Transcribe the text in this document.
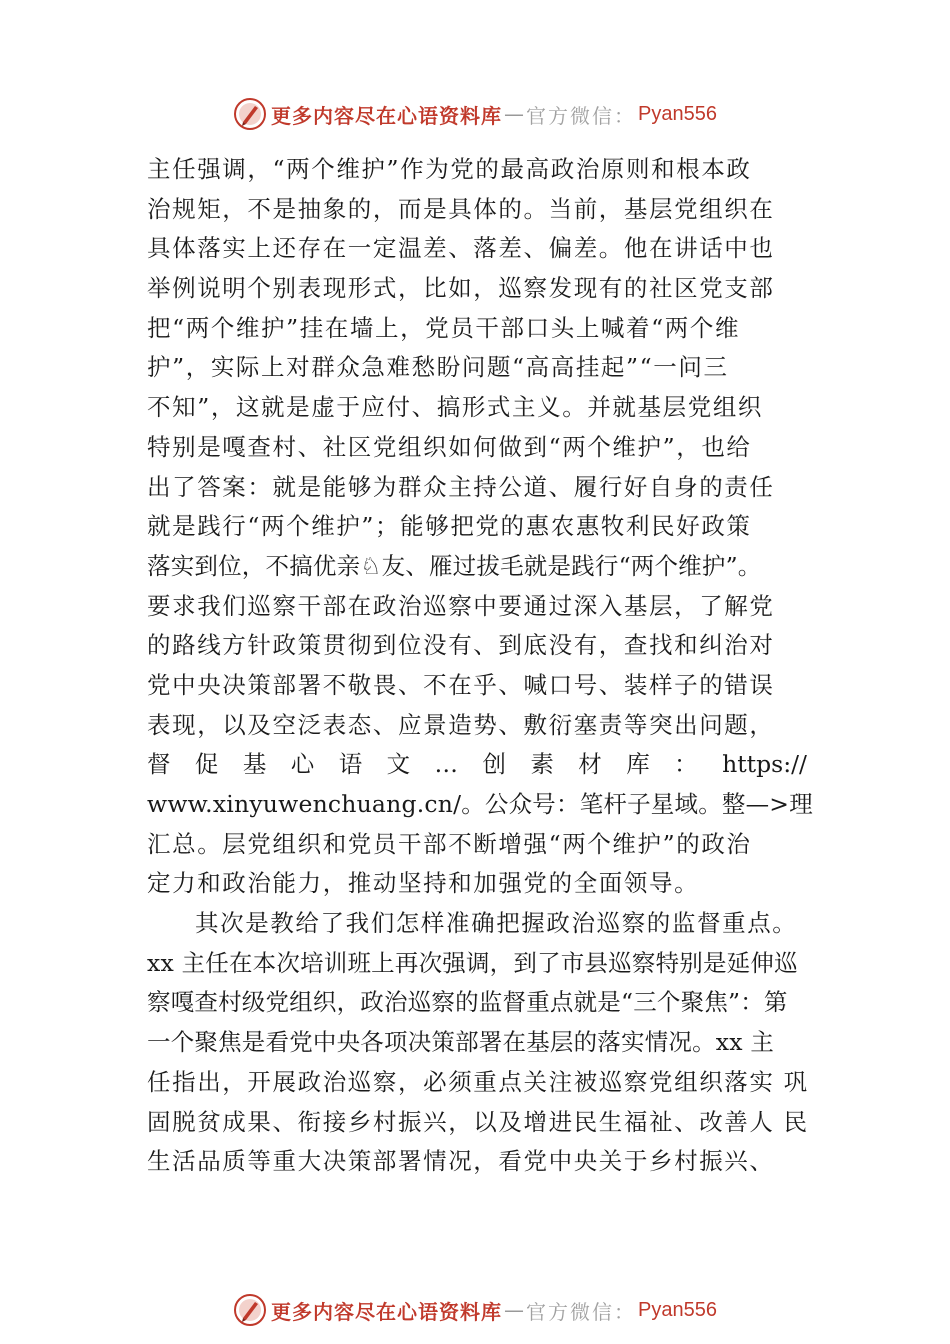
更多内容尽在心语资料库 — 官方微信： Pyan556
主任强调，“两个维护”作为党的最高政治原则和根本政
治规矩，不是抽象的，而是具体的。当前，基层党组织在
具体落实上还存在一定温差、落差、偏差。他在讲话中也
举例说明个别表现形式，比如，巡察发现有的社区党支部
把“两个维护”挂在墙上，党员干部口头上喊着“两个维
护”，实际上对群众急难愁盼问题“高高挂起”“一问三
不知”，这就是虚于应付、搞形式主义。并就基层党组织
特别是嘎查村、社区党组织如何做到“两个维护”，也给
出了答案：就是能够为群众主持公道、履行好自身的责任
就是践行“两个维护”；能够把党的惠农惠牧利民好政策
落实到位，不搞优亲♘友、雁过拔毛就是践行“两个维护”。
要求我们巡察干部在政治巡察中要通过深入基层，了解党
的路线方针政策贯彻到位没有、到底没有，查找和纠治对
党中央决策部署不敬畏、不在乎、喊口号、装样子的错误
表现，以及空泛表态、应景造势、敷衍塞责等突出问题，
督 促 基 心 语 文 … 创 素 材 库 ： https://
www.xinyuwenchuang.cn/。公众号：笔杆子星域。整—>理
汇总。层党组织和党员干部不断增强“两个维护”的政治
定力和政治能力，推动坚持和加强党的全面领导。
其次是教给了我们怎样准确把握政治巡察的监督重点。
xx 主任在本次培训班上再次强调，到了市县巡察特别是延伸巡
察嘎查村级党组织，政治巡察的监督重点就是“三个聚焦”：第
一个聚焦是看党中央各项决策部署在基层的落实情况。xx 主
任指出，开展政治巡察，必须重点关注被巡察党组织落实 巩
固脱贫成果、衔接乡村振兴，以及增进民生福祉、改善人 民
生活品质等重大决策部署情况，看党中央关于乡村振兴、
更多内容尽在心语资料库 — 官方微信： Pyan556
